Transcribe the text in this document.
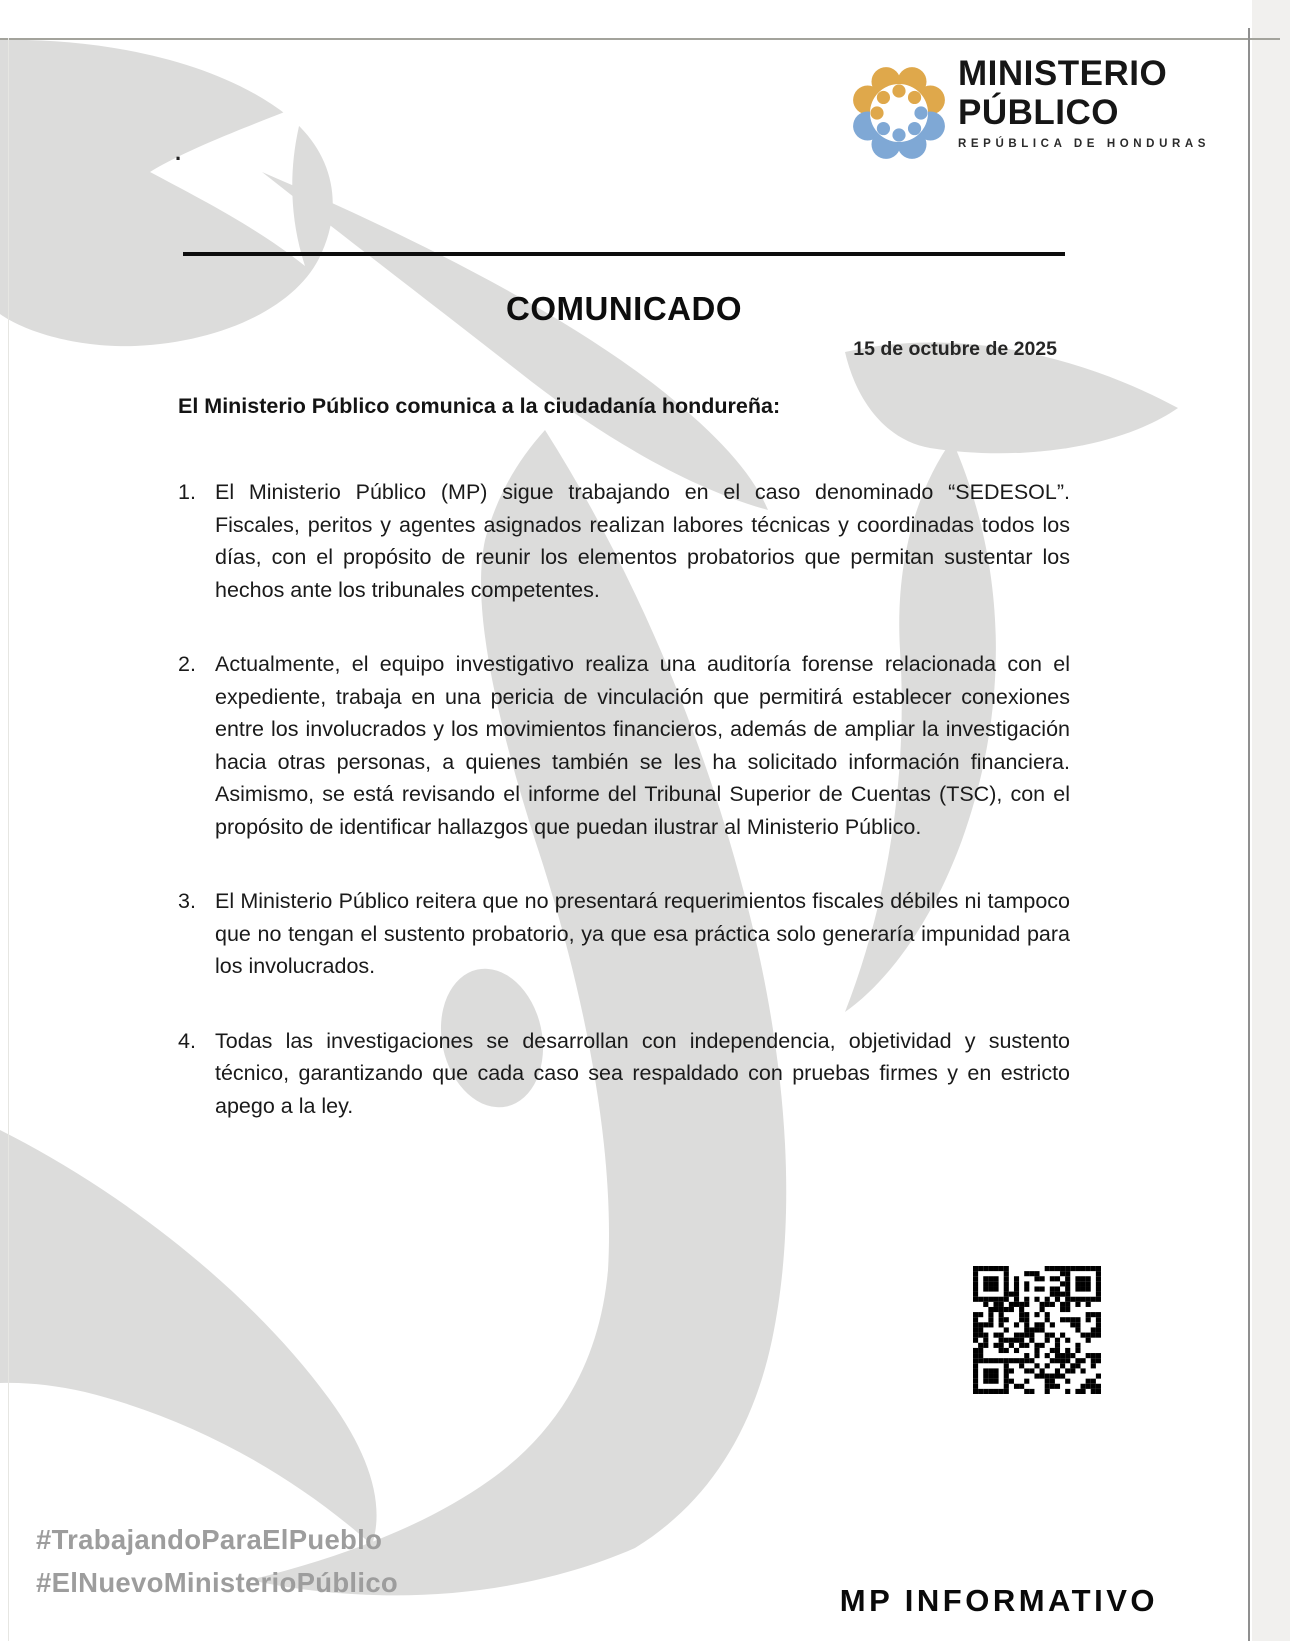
MINISTERIO
PÚBLICO
REPÚBLICA DE HONDURAS
.
COMUNICADO
15 de octubre de 2025
El Ministerio Público comunica a la ciudadanía hondureña:
1. El Ministerio Público (MP) sigue trabajando en el caso denominado “SEDESOL”. Fiscales, peritos y agentes asignados realizan labores técnicas y coordinadas todos los días, con el propósito de reunir los elementos probatorios que permitan sustentar los hechos ante los tribunales competentes.
2. Actualmente, el equipo investigativo realiza una auditoría forense relacionada con el expediente, trabaja en una pericia de vinculación que permitirá establecer conexiones entre los involucrados y los movimientos financieros, además de ampliar la investigación hacia otras personas, a quienes también se les ha solicitado información financiera. Asimismo, se está revisando el informe del Tribunal Superior de Cuentas (TSC), con el propósito de identificar hallazgos que puedan ilustrar al Ministerio Público.
3. El Ministerio Público reitera que no presentará requerimientos fiscales débiles ni tampoco que no tengan el sustento probatorio, ya que esa práctica solo generaría impunidad para los involucrados.
4. Todas las investigaciones se desarrollan con independencia, objetividad y sustento técnico, garantizando que cada caso sea respaldado con pruebas firmes y en estricto apego a la ley.
#TrabajandoParaElPueblo
#ElNuevoMinisterioPúblico
MP INFORMATIVO
